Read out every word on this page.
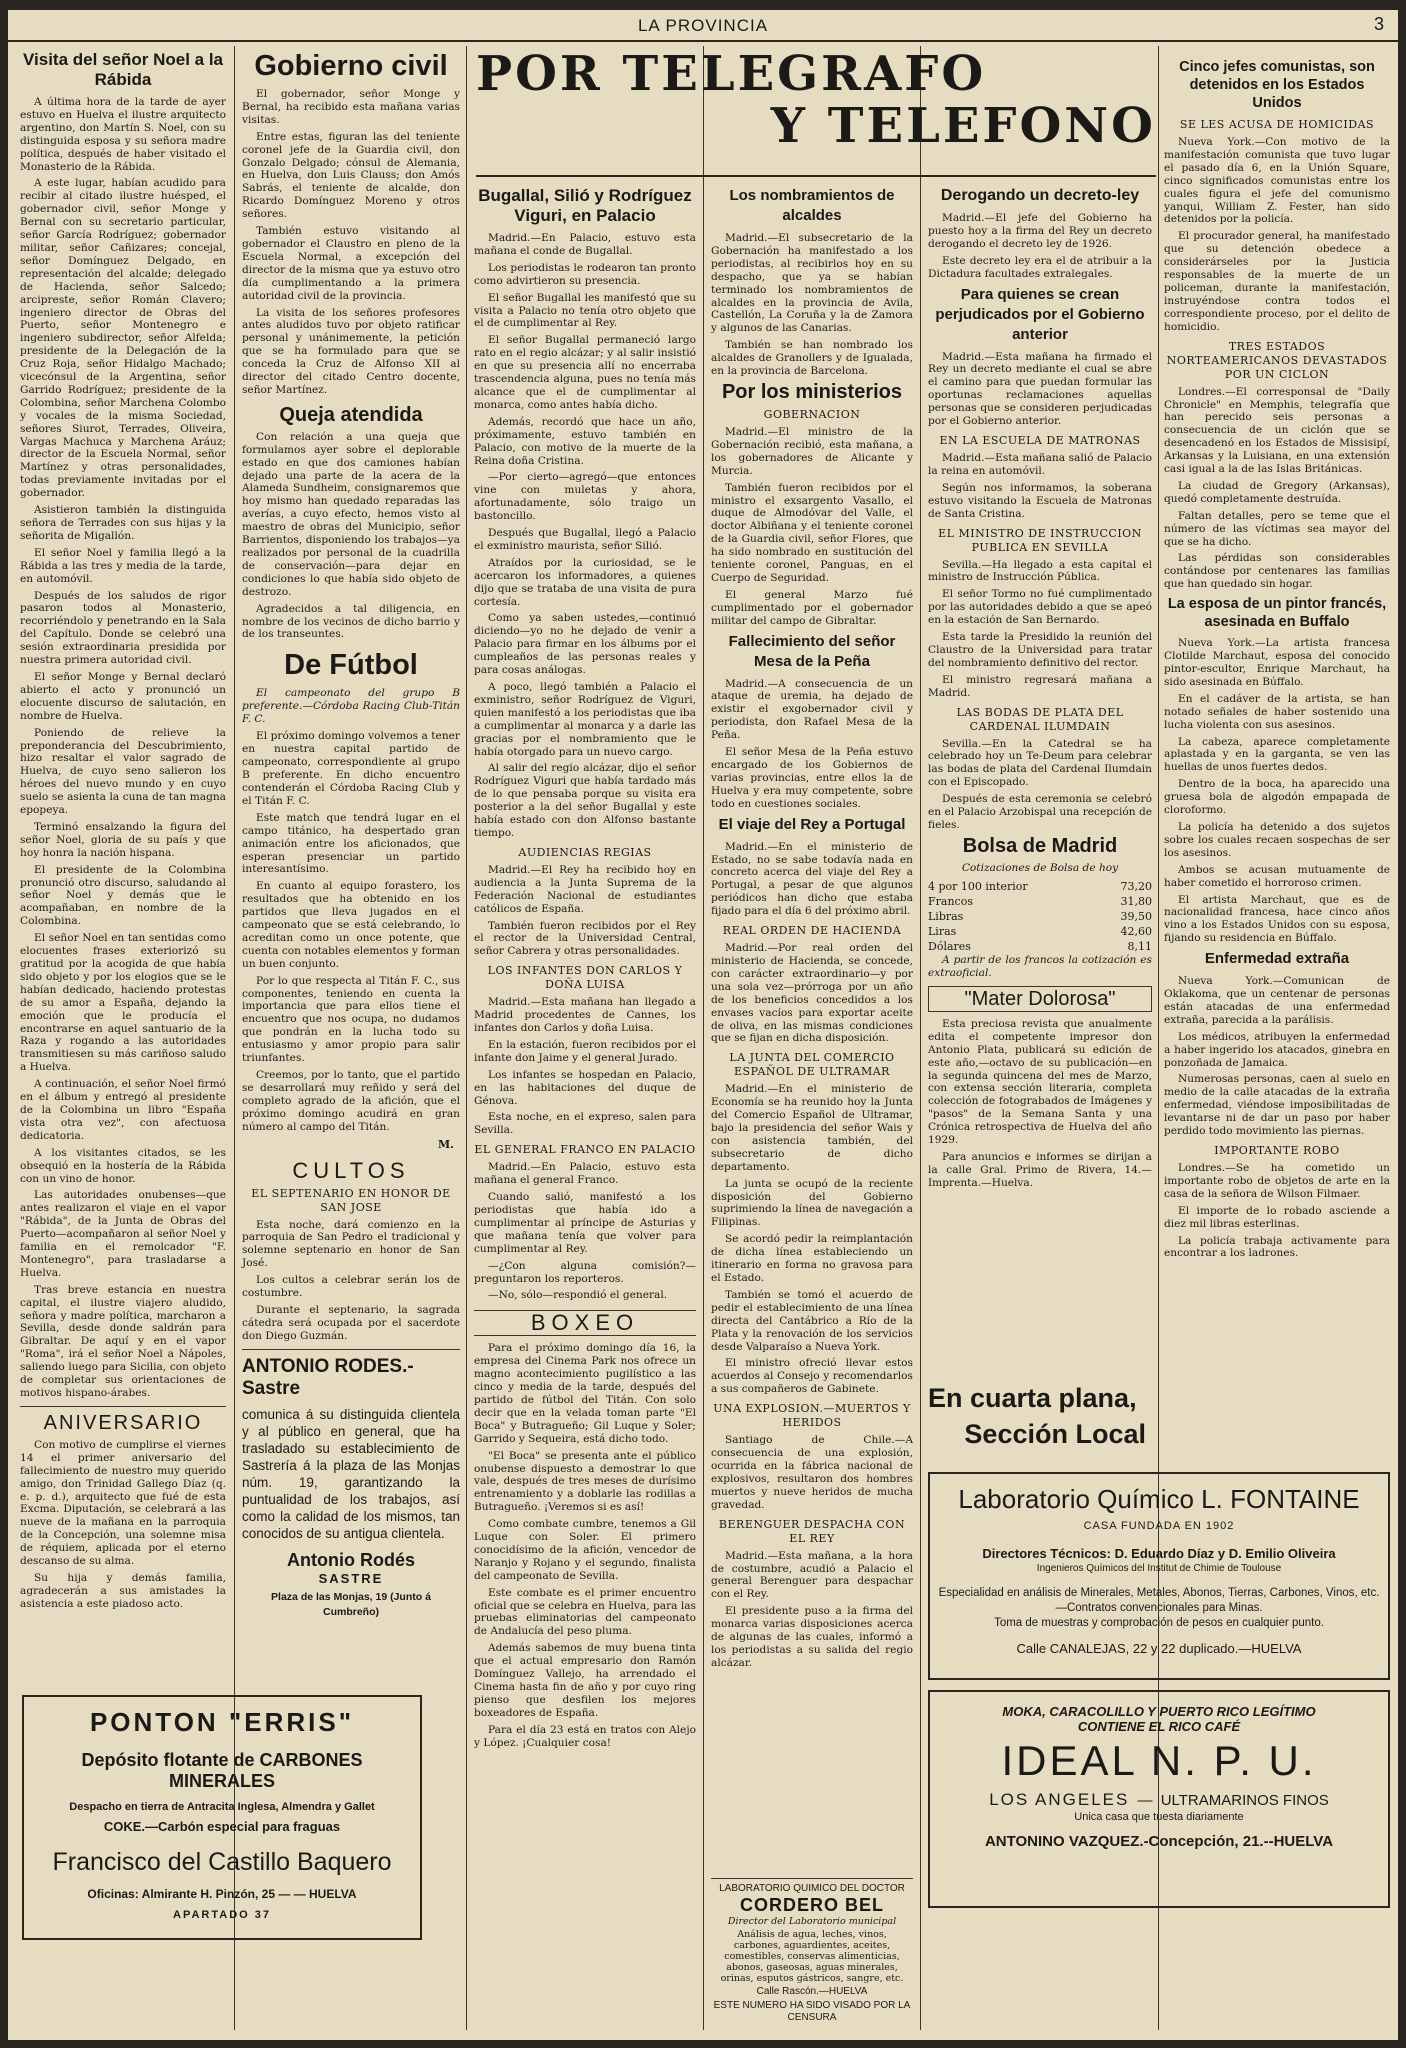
LA PROVINCIA	3
Visita del señor Noel a la Rábida

A última hora de la tarde de ayer estuvo en Huelva el ilustre arquitecto argentino, don Martín S. Noel, con su distinguida esposa y su señora madre política, después de haber visitado el Monasterio de la Rábida.

A este lugar, habían acudido para recibir al citado ilustre huésped, el gobernador civil, señor Monge y Bernal con su secretario particular, señor García Rodríguez; gobernador militar, señor Cañizares; concejal, señor Domínguez Delgado, en representación del alcalde; delegado de Hacienda, señor Salcedo; arcipreste, señor Román Clavero; ingeniero director de Obras del Puerto, señor Montenegro e ingeniero subdirector, señor Alfelda; presidente de la Delegación de la Cruz Roja, señor Hidalgo Machado; vicecónsul de la Argentina, señor Garrido Rodríguez; presidente de la Colombina, señor Marchena Colombo y vocales de la misma Sociedad, señores Siurot, Terrades, Oliveira, Vargas Machuca y Marchena Aráuz; director de la Escuela Normal, señor Martínez y otras personalidades, todas previamente invitadas por el gobernador.

Asistieron también la distinguida señora de Terrades con sus hijas y la señorita de Migallón.

El señor Noel y familia llegó a la Rábida a las tres y media de la tarde, en automóvil.

Después de los saludos de rigor pasaron todos al Monasterio, recorriéndolo y penetrando en la Sala del Capítulo. Donde se celebró una sesión extraordinaria presidida por nuestra primera autoridad civil.

El señor Monge y Bernal declaró abierto el acto y pronunció un elocuente discurso de salutación, en nombre de Huelva.

Poniendo de relieve la preponderancia del Descubrimiento, hizo resaltar el valor sagrado de Huelva, de cuyo seno salieron los héroes del nuevo mundo y en cuyo suelo se asienta la cuna de tan magna epopeya.

Terminó ensalzando la figura del señor Noel, gloria de su país y que hoy honra la nación hispana.

El presidente de la Colombina pronunció otro discurso, saludando al señor Noel y demás que le acompañaban, en nombre de la Colombina.

El señor Noel en tan sentidas como elocuentes frases exteriorizó su gratitud por la acogida de que había sido objeto y por los elogios que se le habían dedicado, haciendo protestas de su amor a España, dejando la emoción que le producía el encontrarse en aquel santuario de la Raza y rogando a las autoridades transmitiesen su más cariñoso saludo a Huelva.

A continuación, el señor Noel firmó en el álbum y entregó al presidente de la Colombina un libro "España vista otra vez", con afectuosa dedicatoria.

A los visitantes citados, se les obsequió en la hostería de la Rábida con un vino de honor.

Las autoridades onubenses—que antes realizaron el viaje en el vapor "Rábida", de la Junta de Obras del Puerto—acompañaron al señor Noel y familia en el remolcador "F. Montenegro", para trasladarse a Huelva.

Tras breve estancia en nuestra capital, el ilustre viajero aludido, señora y madre política, marcharon a Sevilla, desde donde saldrán para Gibraltar. De aquí y en el vapor "Roma", irá el señor Noel a Nápoles, saliendo luego para Sicilia, con objeto de completar sus orientaciones de motivos hispano-árabes.

ANIVERSARIO

Con motivo de cumplirse el viernes 14 el primer aniversario del fallecimiento de nuestro muy querido amigo, don Trinidad Gallego Díaz (q. e. p. d.), arquitecto que fué de esta Excma. Diputación, se celebrará a las nueve de la mañana en la parroquia de la Concepción, una solemne misa de réquiem, aplicada por el eterno descanso de su alma.

Su hija y demás familia, agradecerán a sus amistades la asistencia a este piadoso acto.

PONTON "ERRIS"
Depósito flotante de CARBONES MINERALES
Despacho en tierra de Antracita Inglesa, Almendra y Gallet
COKE.—Carbón especial para fraguas
Francisco del Castillo Baquero
Oficinas: Almirante H. Pinzón, 25 — — HUELVA
APARTADO 37
Gobierno civil

El gobernador, señor Monge y Bernal, ha recibido esta mañana varias visitas.

Entre estas, figuran las del teniente coronel jefe de la Guardia civil, don Gonzalo Delgado; cónsul de Alemania, en Huelva, don Luis Clauss; don Amós Sabrás, el teniente de alcalde, don Ricardo Domínguez Moreno y otros señores.

También estuvo visitando al gobernador el Claustro en pleno de la Escuela Normal, a excepción del director de la misma que ya estuvo otro día cumplimentando a la primera autoridad civil de la provincia.

La visita de los señores profesores antes aludidos tuvo por objeto ratificar personal y unánimemente, la petición que se ha formulado para que se conceda la Cruz de Alfonso XII al director del citado Centro docente, señor Martínez.

Queja atendida

Con relación a una queja que formulamos ayer sobre el deplorable estado en que dos camiones habían dejado una parte de la acera de la Alameda Sundheim, consignaremos que hoy mismo han quedado reparadas las averías, a cuyo efecto, hemos visto al maestro de obras del Municipio, señor Barrientos, disponiendo los trabajos—ya realizados por personal de la cuadrilla de conservación—para dejar en condiciones lo que había sido objeto de destrozo.

Agradecidos a tal diligencia, en nombre de los vecinos de dicho barrio y de los transeuntes.

De Fútbol

El campeonato del grupo B preferente.—Córdoba Racing Club-Titán F. C.

El próximo domingo volvemos a tener en nuestra capital partido de campeonato, correspondiente al grupo B preferente. En dicho encuentro contenderán el Córdoba Racing Club y el Titán F. C.

Este match que tendrá lugar en el campo titánico, ha despertado gran animación entre los aficionados, que esperan presenciar un partido interesantísimo.

En cuanto al equipo forastero, los resultados que ha obtenido en los partidos que lleva jugados en el campeonato que se está celebrando, lo acreditan como un once potente, que cuenta con notables elementos y forman un buen conjunto.

Por lo que respecta al Titán F. C., sus componentes, teniendo en cuenta la importancia que para ellos tiene el encuentro que nos ocupa, no dudamos que pondrán en la lucha todo su entusiasmo y amor propio para salir triunfantes.

Creemos, por lo tanto, que el partido se desarrollará muy reñido y será del completo agrado de la afición, que el próximo domingo acudirá en gran número al campo del Titán.

M.
CULTOS
EL SEPTENARIO EN HONOR DE SAN JOSE

Esta noche, dará comienzo en la parroquia de San Pedro el tradicional y solemne septenario en honor de San José.

Los cultos a celebrar serán los de costumbre.

Durante el septenario, la sagrada cátedra será ocupada por el sacerdote don Diego Guzmán.

ANTONIO RODES.-Sastre
comunica á su distinguida clientela y al público en general, que ha trasladado su establecimiento de Sastrería á la plaza de las Monjas núm. 19, garantizando la puntualidad de los trabajos, así como la calidad de los mismos, tan conocidos de su antigua clientela.
Antonio Rodés
SASTRE
Plaza de las Monjas, 19 (Junto á Cumbreño)
POR TELEGRAFO
Y TELEFONO
Bugallal, Silió y Rodríguez Viguri, en Palacio

Madrid.—En Palacio, estuvo esta mañana el conde de Bugallal.

Los periodistas le rodearon tan pronto como advirtieron su presencia.

El señor Bugallal les manifestó que su visita a Palacio no tenía otro objeto que el de cumplimentar al Rey.

El señor Bugallal permaneció largo rato en el regio alcázar; y al salir insistió en que su presencia allí no encerraba trascendencia alguna, pues no tenía más alcance que el de cumplimentar al monarca, como antes había dicho.

Además, recordó que hace un año, próximamente, estuvo también en Palacio, con motivo de la muerte de la Reina doña Cristina.

—Por cierto—agregó—que entonces vine con muletas y ahora, afortunadamente, sólo traigo un bastoncillo.

Después que Bugallal, llegó a Palacio el exministro maurista, señor Silió.

Atraídos por la curiosidad, se le acercaron los informadores, a quienes dijo que se trataba de una visita de pura cortesía.

Como ya saben ustedes,—continuó diciendo—yo no he dejado de venir a Palacio para firmar en los álbums por el cumpleaños de las personas reales y para cosas análogas.

A poco, llegó también a Palacio el exministro, señor Rodríguez de Viguri, quien manifestó a los periodistas que iba a cumplimentar al monarca y a darle las gracias por el nombramiento que le había otorgado para un nuevo cargo.

Al salir del regio alcázar, dijo el señor Rodríguez Viguri que había tardado más de lo que pensaba porque su visita era posterior a la del señor Bugallal y este había estado con don Alfonso bastante tiempo.

AUDIENCIAS REGIAS

Madrid.—El Rey ha recibido hoy en audiencia a la Junta Suprema de la Federación Nacional de estudiantes católicos de España.

También fueron recibidos por el Rey el rector de la Universidad Central, señor Cabrera y otras personalidades.

LOS INFANTES DON CARLOS Y DOÑA LUISA

Madrid.—Esta mañana han llegado a Madrid procedentes de Cannes, los infantes don Carlos y doña Luisa.

En la estación, fueron recibidos por el infante don Jaime y el general Jurado.

Los infantes se hospedan en Palacio, en las habitaciones del duque de Génova.

Esta noche, en el expreso, salen para Sevilla.

EL GENERAL FRANCO EN PALACIO

Madrid.—En Palacio, estuvo esta mañana el general Franco.

Cuando salió, manifestó a los periodistas que había ido a cumplimentar al príncipe de Asturias y que mañana tenía que volver para cumplimentar al Rey.

—¿Con alguna comisión?—preguntaron los reporteros.

—No, sólo—respondió el general.

BOXEO

Para el próximo domingo día 16, la empresa del Cinema Park nos ofrece un magno acontecimiento pugilístico a las cinco y media de la tarde, después del partido de fútbol del Titán. Con solo decir que en la velada toman parte "El Boca" y Butragueño; Gil Luque y Soler; Garrido y Sequeira, está dicho todo.

"El Boca" se presenta ante el público onubense dispuesto a demostrar lo que vale, después de tres meses de durísimo entrenamiento y a doblarle las rodillas a Butragueño. ¡Veremos si es así!

Como combate cumbre, tenemos a Gil Luque con Soler. El primero conocidísimo de la afición, vencedor de Naranjo y Rojano y el segundo, finalista del campeonato de Sevilla.

Este combate es el primer encuentro oficial que se celebra en Huelva, para las pruebas eliminatorias del campeonato de Andalucía del peso pluma.

Además sabemos de muy buena tinta que el actual empresario don Ramón Domínguez Vallejo, ha arrendado el Cinema hasta fin de año y por cuyo ring pienso que desfilen los mejores boxeadores de España.

Para el día 23 está en tratos con Alejo y López. ¡Cualquier cosa!

Los nombramientos de alcaldes

Madrid.—El subsecretario de la Gobernación ha manifestado a los periodistas, al recibirlos hoy en su despacho, que ya se habían terminado los nombramientos de alcaldes en la provincia de Avila, Castellón, La Coruña y la de Zamora y algunos de las Canarias.

También se han nombrado los alcaldes de Granollers y de Igualada, en la provincia de Barcelona.

Por los ministerios
GOBERNACION

Madrid.—El ministro de la Gobernación recibió, esta mañana, a los gobernadores de Alicante y Murcia.

También fueron recibidos por el ministro el exsargento Vasallo, el duque de Almodóvar del Valle, el doctor Albiñana y el teniente coronel de la Guardia civil, señor Flores, que ha sido nombrado en sustitución del teniente coronel, Panguas, en el Cuerpo de Seguridad.

El general Marzo fué cumplimentado por el gobernador militar del campo de Gibraltar.

Fallecimiento del señor Mesa de la Peña

Madrid.—A consecuencia de un ataque de uremia, ha dejado de existir el exgobernador civil y periodista, don Rafael Mesa de la Peña.

El señor Mesa de la Peña estuvo encargado de los Gobiernos de varias provincias, entre ellos la de Huelva y era muy competente, sobre todo en cuestiones sociales.

El viaje del Rey a Portugal

Madrid.—En el ministerio de Estado, no se sabe todavía nada en concreto acerca del viaje del Rey a Portugal, a pesar de que algunos periódicos han dicho que estaba fijado para el día 6 del próximo abril.

REAL ORDEN DE HACIENDA

Madrid.—Por real orden del ministerio de Hacienda, se concede, con carácter extraordinario—y por una sola vez—prórroga por un año de los beneficios concedidos a los envases vacíos para exportar aceite de oliva, en las mismas condiciones que se fijan en dicha disposición.

LA JUNTA DEL COMERCIO ESPAÑOL DE ULTRAMAR

Madrid.—En el ministerio de Economía se ha reunido hoy la Junta del Comercio Español de Ultramar, bajo la presidencia del señor Wais y con asistencia también, del subsecretario de dicho departamento.

La junta se ocupó de la reciente disposición del Gobierno suprimiendo la línea de navegación a Filipinas.

Se acordó pedir la reimplantación de dicha línea estableciendo un itinerario en forma no gravosa para el Estado.

También se tomó el acuerdo de pedir el establecimiento de una línea directa del Cantábrico a Río de la Plata y la renovación de los servicios desde Valparaíso a Nueva York.

El ministro ofreció llevar estos acuerdos al Consejo y recomendarlos a sus compañeros de Gabinete.

UNA EXPLOSION.—MUERTOS Y HERIDOS

Santiago de Chile.—A consecuencia de una explosión, ocurrida en la fábrica nacional de explosivos, resultaron dos hombres muertos y nueve heridos de mucha gravedad.

BERENGUER DESPACHA CON EL REY

Madrid.—Esta mañana, a la hora de costumbre, acudió a Palacio el general Berenguer para despachar con el Rey.

El presidente puso a la firma del monarca varias disposiciones acerca de algunas de las cuales, informó a los periodistas a su salida del regio alcázar.

LABORATORIO QUIMICO DEL DOCTOR
CORDERO BEL
Director del Laboratorio municipal
Análisis de agua, leches, vinos, carbones, aguardientes, aceites, comestibles, conservas alimenticias, abonos, gaseosas, aguas minerales, orinas, esputos gástricos, sangre, etc.
Calle Rascón.—HUELVA
ESTE NUMERO HA SIDO VISADO POR LA CENSURA
Derogando un decreto-ley

Madrid.—El jefe del Gobierno ha puesto hoy a la firma del Rey un decreto derogando el decreto ley de 1926.

Este decreto ley era el de atribuir a la Dictadura facultades extralegales.

Para quienes se crean perjudicados por el Gobierno anterior

Madrid.—Esta mañana ha firmado el Rey un decreto mediante el cual se abre el camino para que puedan formular las oportunas reclamaciones aquellas personas que se consideren perjudicadas por el Gobierno anterior.

EN LA ESCUELA DE MATRONAS

Madrid.—Esta mañana salió de Palacio la reina en automóvil.

Según nos informamos, la soberana estuvo visitando la Escuela de Matronas de Santa Cristina.

EL MINISTRO DE INSTRUCCION PUBLICA EN SEVILLA

Sevilla.—Ha llegado a esta capital el ministro de Instrucción Pública.

El señor Tormo no fué cumplimentado por las autoridades debido a que se apeó en la estación de San Bernardo.

Esta tarde la Presidido la reunión del Claustro de la Universidad para tratar del nombramiento definitivo del rector.

El ministro regresará mañana a Madrid.

LAS BODAS DE PLATA DEL CARDENAL ILUMDAIN

Sevilla.—En la Catedral se ha celebrado hoy un Te-Deum para celebrar las bodas de plata del Cardenal Ilumdain con el Episcopado.

Después de esta ceremonia se celebró en el Palacio Arzobispal una recepción de fieles.

Bolsa de Madrid
Cotizaciones de Bolsa de hoy
4 por 100 interior	73,20
Francos	31,80
Libras	39,50
Liras	42,60
Dólares	8,11

A partir de los francos la cotización es extraoficial.

"Mater Dolorosa"

Esta preciosa revista que anualmente edita el competente impresor don Antonio Plata, publicará su edición de este año,—octavo de su publicación—en la segunda quincena del mes de Marzo, con extensa sección literaria, completa colección de fotograbados de Imágenes y "pasos" de la Semana Santa y una Crónica retrospectiva de Huelva del año 1929.

Para anuncios e informes se dirijan a la calle Gral. Primo de Rivera, 14.—Imprenta.—Huelva.

En cuarta plana,
Sección Local
Cinco jefes comunistas, son detenidos en los Estados Unidos
SE LES ACUSA DE HOMICIDAS

Nueva York.—Con motivo de la manifestación comunista que tuvo lugar el pasado día 6, en la Unión Square, cinco significados comunistas entre los cuales figura el jefe del comunismo yanqui, William Z. Fester, han sido detenidos por la policía.

El procurador general, ha manifestado que su detención obedece a considerárseles por la Justicia responsables de la muerte de un policeman, durante la manifestación, instruyéndose contra todos el correspondiente proceso, por el delito de homicidio.

TRES ESTADOS NORTEAMERICANOS DEVASTADOS POR UN CICLON

Londres.—El corresponsal de "Daily Chronicle" en Memphis, telegrafía que han perecido seis personas a consecuencia de un ciclón que se desencadenó en los Estados de Missisipí, Arkansas y la Luisiana, en una extensión casi igual a la de las Islas Británicas.

La ciudad de Gregory (Arkansas), quedó completamente destruída.

Faltan detalles, pero se teme que el número de las víctimas sea mayor del que se ha dicho.

Las pérdidas son considerables contándose por centenares las familias que han quedado sin hogar.

La esposa de un pintor francés, asesinada en Buffalo

Nueva York.—La artista francesa Clotilde Marchaut, esposa del conocido pintor-escultor, Enrique Marchaut, ha sido asesinada en Búffalo.

En el cadáver de la artista, se han notado señales de haber sostenido una lucha violenta con sus asesinos.

La cabeza, aparece completamente aplastada y en la garganta, se ven las huellas de unos fuertes dedos.

Dentro de la boca, ha aparecido una gruesa bola de algodón empapada de cloroformo.

La policía ha detenido a dos sujetos sobre los cuales recaen sospechas de ser los asesinos.

Ambos se acusan mutuamente de haber cometido el horroroso crimen.

El artista Marchaut, que es de nacionalidad francesa, hace cinco años vino a los Estados Unidos con su esposa, fijando su residencia en Búffalo.

Enfermedad extraña

Nueva York.—Comunican de Oklakoma, que un centenar de personas están atacadas de una enfermedad extraña, parecida a la parálisis.

Los médicos, atribuyen la enfermedad a haber ingerido los atacados, ginebra en ponzoñada de Jamaica.

Numerosas personas, caen al suelo en medio de la calle atacadas de la extraña enfermedad, viéndose imposibilitadas de levantarse ni de dar un paso por haber perdido todo movimiento las piernas.

IMPORTANTE ROBO

Londres.—Se ha cometido un importante robo de objetos de arte en la casa de la señora de Wilson Filmaer.

El importe de lo robado asciende a diez mil libras esterlinas.

La policía trabaja activamente para encontrar a los ladrones.

Laboratorio Químico L. FONTAINE
CASA FUNDADA EN 1902
Directores Técnicos: D. Eduardo Díaz y D. Emilio Oliveira
Ingenieros Químicos del Institut de Chimie de Toulouse
Especialidad en análisis de Minerales, Metales, Abonos, Tierras, Carbones, Vinos, etc.—Contratos convencionales para Minas.
Toma de muestras y comprobación de pesos en cualquier punto.
Calle CANALEJAS, 22 y 22 duplicado.—HUELVA
MOKA, CARACOLILLO Y PUERTO RICO LEGÍTIMO
CONTIENE EL RICO CAFÉ
IDEAL N. P. U.
LOS ANGELES — ULTRAMARINOS FINOS
Unica casa que tuesta diariamente
ANTONINO VAZQUEZ.-Concepción, 21.--HUELVA
